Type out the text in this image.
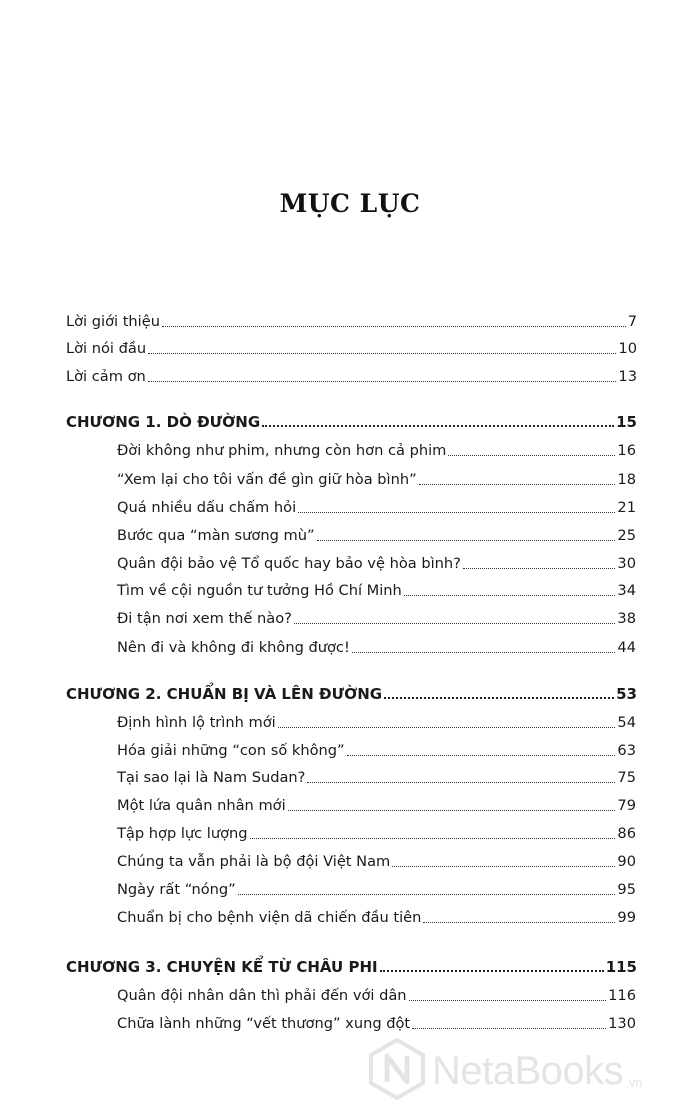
MỤC LỤC
Lời giới thiệu	7
Lời nói đầu	10
Lời cảm ơn	13
CHƯƠNG 1. DÒ ĐƯỜNG	15
Đời không như phim, nhưng còn hơn cả phim	16
“Xem lại cho tôi vấn đề gìn giữ hòa bình”	18
Quá nhiều dấu chấm hỏi	21
Bước qua “màn sương mù”	25
Quân đội bảo vệ Tổ quốc hay bảo vệ hòa bình?	30
Tìm về cội nguồn tư tưởng Hồ Chí Minh	34
Đi tận nơi xem thế nào?	38
Nên đi và không đi không được!	44
CHƯƠNG 2. CHUẨN BỊ VÀ LÊN ĐƯỜNG	53
Định hình lộ trình mới	54
Hóa giải những “con số không”	63
Tại sao lại là Nam Sudan?	75
Một lứa quân nhân mới	79
Tập hợp lực lượng	86
Chúng ta vẫn phải là bộ đội Việt Nam	90
Ngày rất “nóng”	95
Chuẩn bị cho bệnh viện dã chiến đầu tiên	99
CHƯƠNG 3. CHUYỆN KỂ TỪ CHÂU PHI	115
Quân đội nhân dân thì phải đến với dân	116
Chữa lành những “vết thương” xung đột	130
NetaBooks .vn
